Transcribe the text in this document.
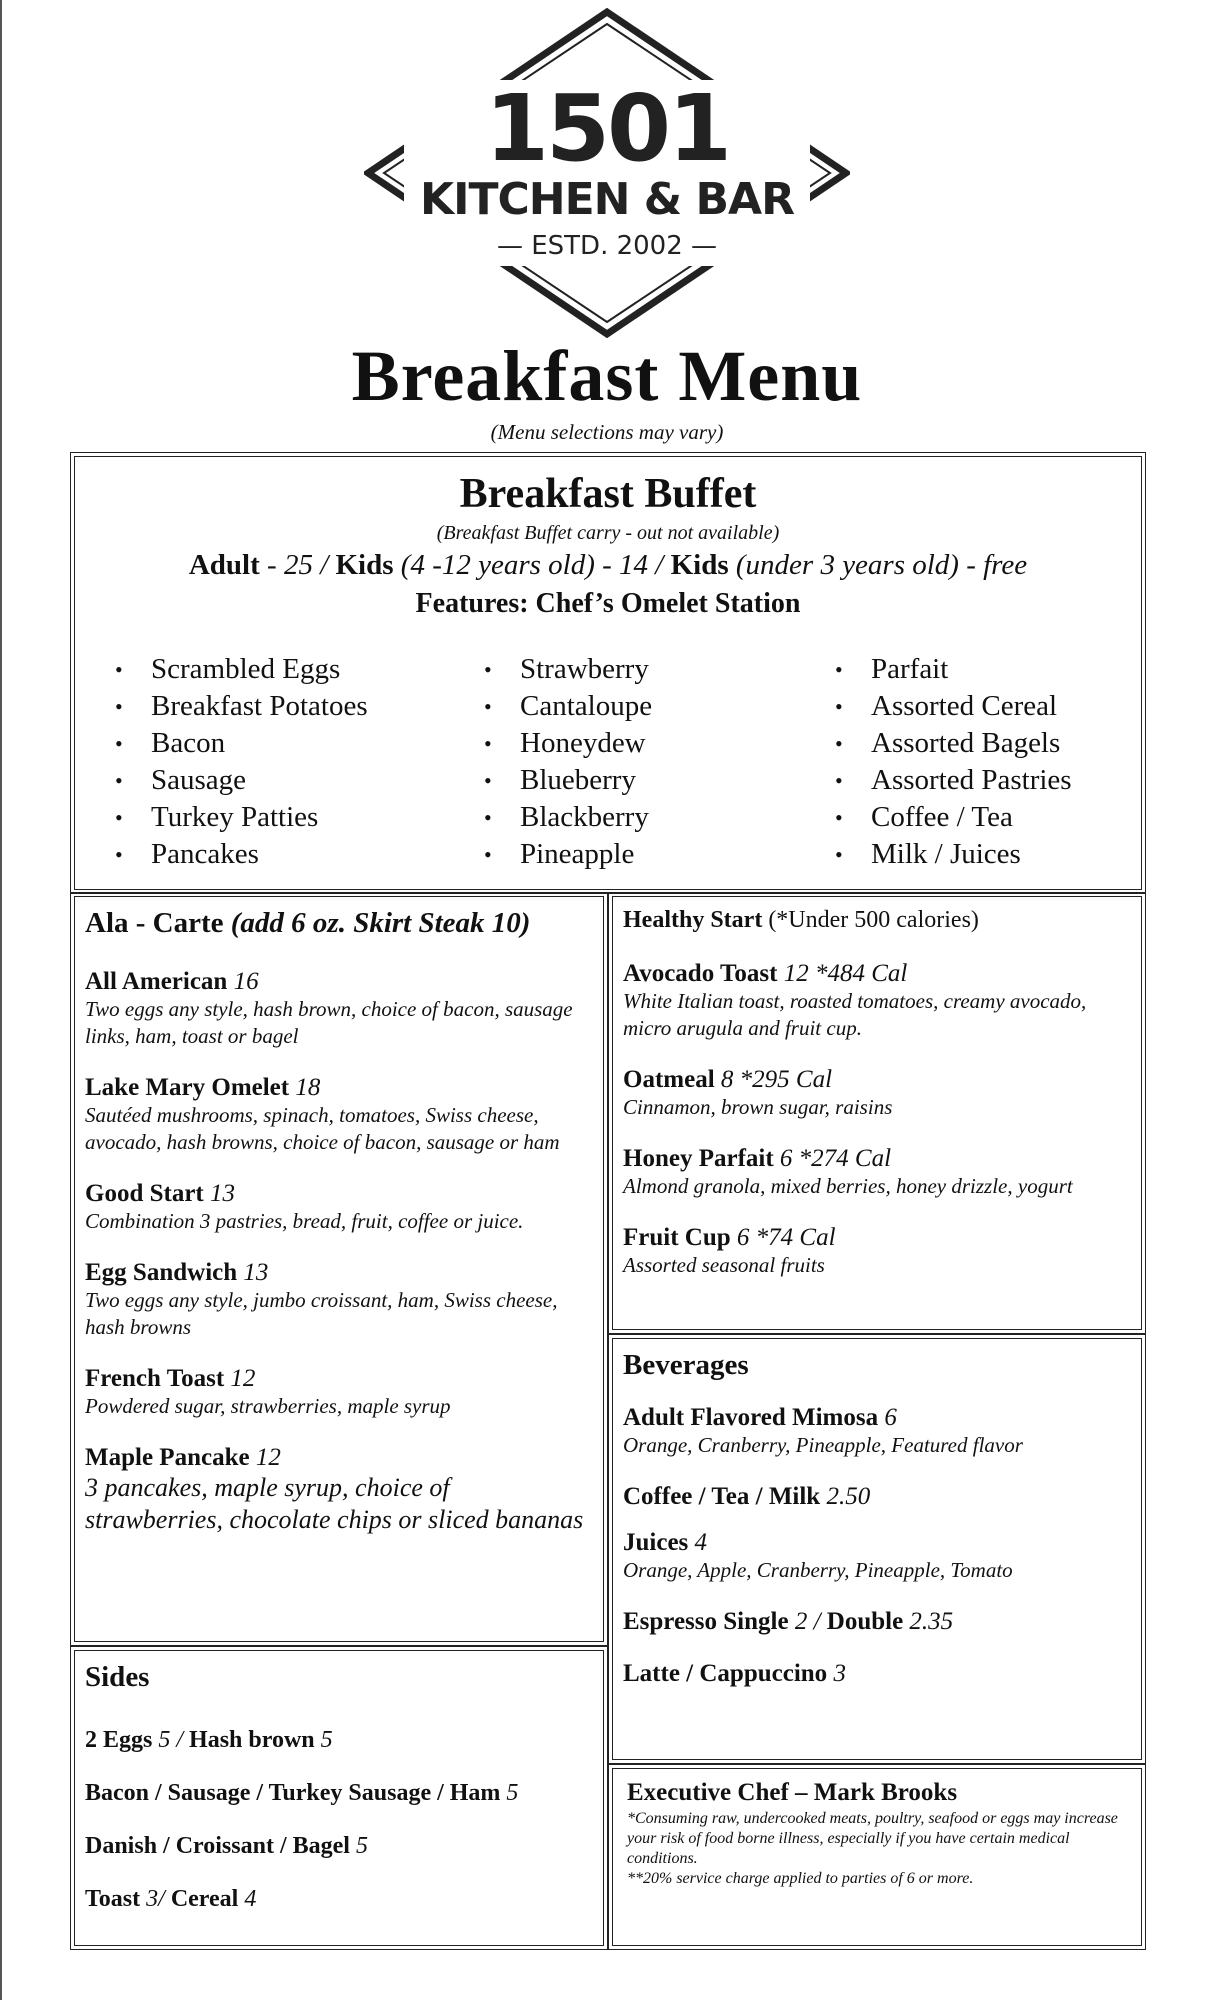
1501
KITCHEN & BAR
— ESTD. 2002 —
Breakfast Menu
(Menu selections may vary)
Breakfast Buffet
(Breakfast Buffet carry - out not available)
Adult - 25 / Kids (4 -12 years old) - 14 / Kids (under 3 years old) - free
Features: Chef’s Omelet Station
• Scrambled Eggs
• Breakfast Potatoes
• Bacon
• Sausage
• Turkey Patties
• Pancakes
• Strawberry
• Cantaloupe
• Honeydew
• Blueberry
• Blackberry
• Pineapple
• Parfait
• Assorted Cereal
• Assorted Bagels
• Assorted Pastries
• Coffee / Tea
• Milk / Juices
Ala - Carte (add 6 oz. Skirt Steak 10)
All American 16
Two eggs any style, hash brown, choice of bacon, sausage links, ham, toast or bagel
Lake Mary Omelet 18
Sautéed mushrooms, spinach, tomatoes, Swiss cheese, avocado, hash browns, choice of bacon, sausage or ham
Good Start 13
Combination 3 pastries, bread, fruit, coffee or juice.
Egg Sandwich 13
Two eggs any style, jumbo croissant, ham, Swiss cheese, hash browns
French Toast 12
Powdered sugar, strawberries, maple syrup
Maple Pancake 12
3 pancakes, maple syrup, choice of strawberries, chocolate chips or sliced bananas
Sides
2 Eggs 5 / Hash brown 5
Bacon / Sausage / Turkey Sausage / Ham 5
Danish / Croissant / Bagel 5
Toast 3/ Cereal 4
Healthy Start (*Under 500 calories)
Avocado Toast 12 *484 Cal
White Italian toast, roasted tomatoes, creamy avocado, micro arugula and fruit cup.
Oatmeal 8 *295 Cal
Cinnamon, brown sugar, raisins
Honey Parfait 6 *274 Cal
Almond granola, mixed berries, honey drizzle, yogurt
Fruit Cup 6 *74 Cal
Assorted seasonal fruits
Beverages
Adult Flavored Mimosa 6
Orange, Cranberry, Pineapple, Featured flavor
Coffee / Tea / Milk 2.50
Juices 4
Orange, Apple, Cranberry, Pineapple, Tomato
Espresso Single 2 / Double 2.35
Latte / Cappuccino 3
Executive Chef – Mark Brooks
*Consuming raw, undercooked meats, poultry, seafood or eggs may increase your risk of food borne illness, especially if you have certain medical conditions.
**20% service charge applied to parties of 6 or more.
